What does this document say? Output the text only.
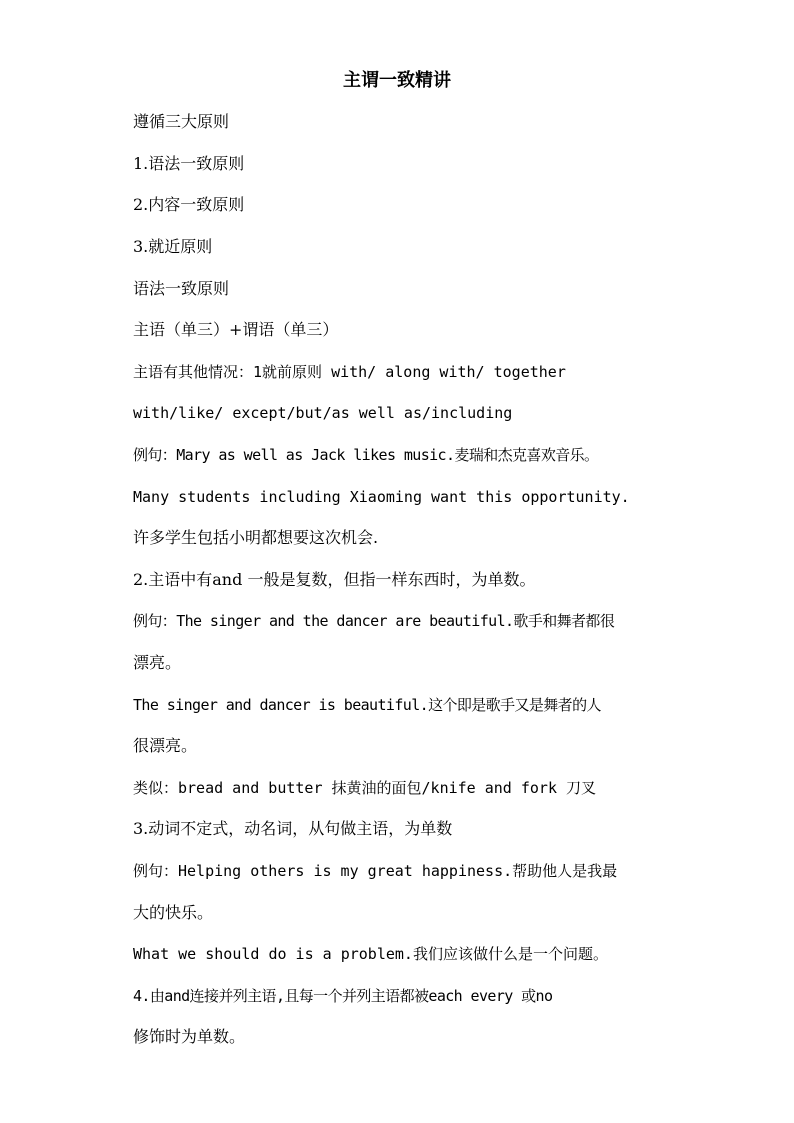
主谓一致精讲
遵循三大原则
1.语法一致原则
2.内容一致原则
3.就近原则
语法一致原则
主语（单三）+谓语（单三）
主语有其他情况：1就前原则 with/ along with/ together
with/like/ except/but/as well as/including
例句：Mary as well as Jack likes music.麦瑞和杰克喜欢音乐。
Many students including Xiaoming want this opportunity.
许多学生包括小明都想要这次机会.
2.主语中有and 一般是复数，但指一样东西时，为单数。
例句：The singer and the dancer are beautiful.歌手和舞者都很
漂亮。
The singer and dancer is beautiful.这个即是歌手又是舞者的人
很漂亮。
类似：bread and butter 抹黄油的面包/knife and fork 刀叉
3.动词不定式，动名词，从句做主语，为单数
例句：Helping others is my great happiness.帮助他人是我最
大的快乐。
What we should do is a problem.我们应该做什么是一个问题。
4.由and连接并列主语,且每一个并列主语都被each every 或no
修饰时为单数。
